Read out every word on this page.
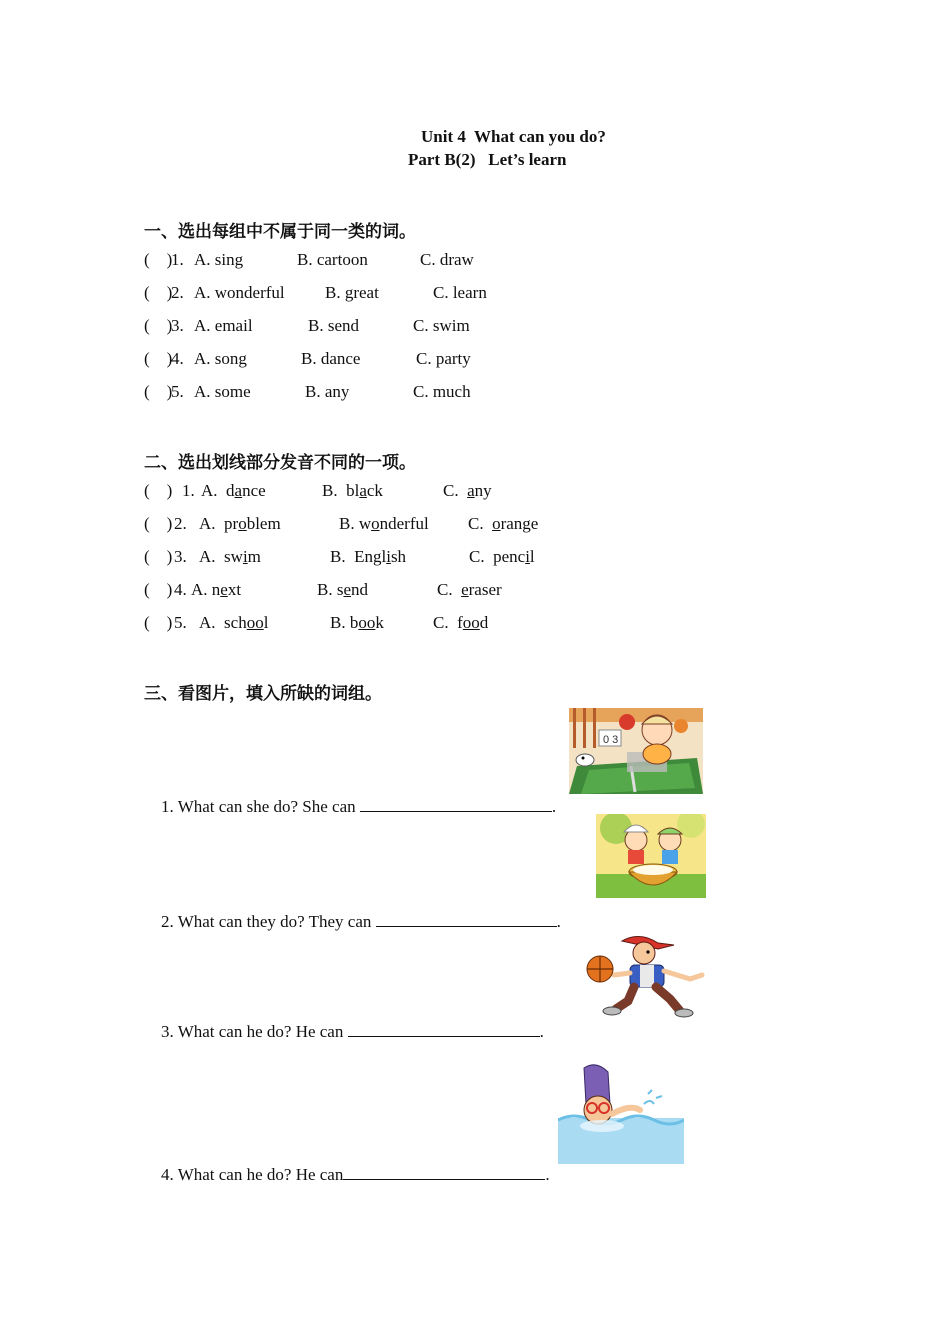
Unit 4  What can you do?
Part B(2)   Let’s learn
一、选出每组中不属于同一类的词。
(    )
1. A. sing	B. cartoon	C. draw
(    )
2. A. wonderful B. great	C. learn
(    )
3. A. email	B. send	C. swim
(    )
4. A. song	B. dance	C. party
(    )
5. A. some	B. any	C. much
二、选出划线部分发音不同的一项。
(    ) 1. A.  dance	B.  black	C.  any
(    ) 2. A.  problem	B. wonderful C.  orange
(    ) 3. A.  swim	B.  English	C.  pencil
(    ) 4. A. next	B. send	C.  eraser
(    ) 5. A.  school	B. book	C.  food
三、看图片，填入所缺的词组。

1. What can she do? She can	.

0 3

2. What can they do? They can	.

3. What can he do? He can	.

4. What can he do? He can	.
